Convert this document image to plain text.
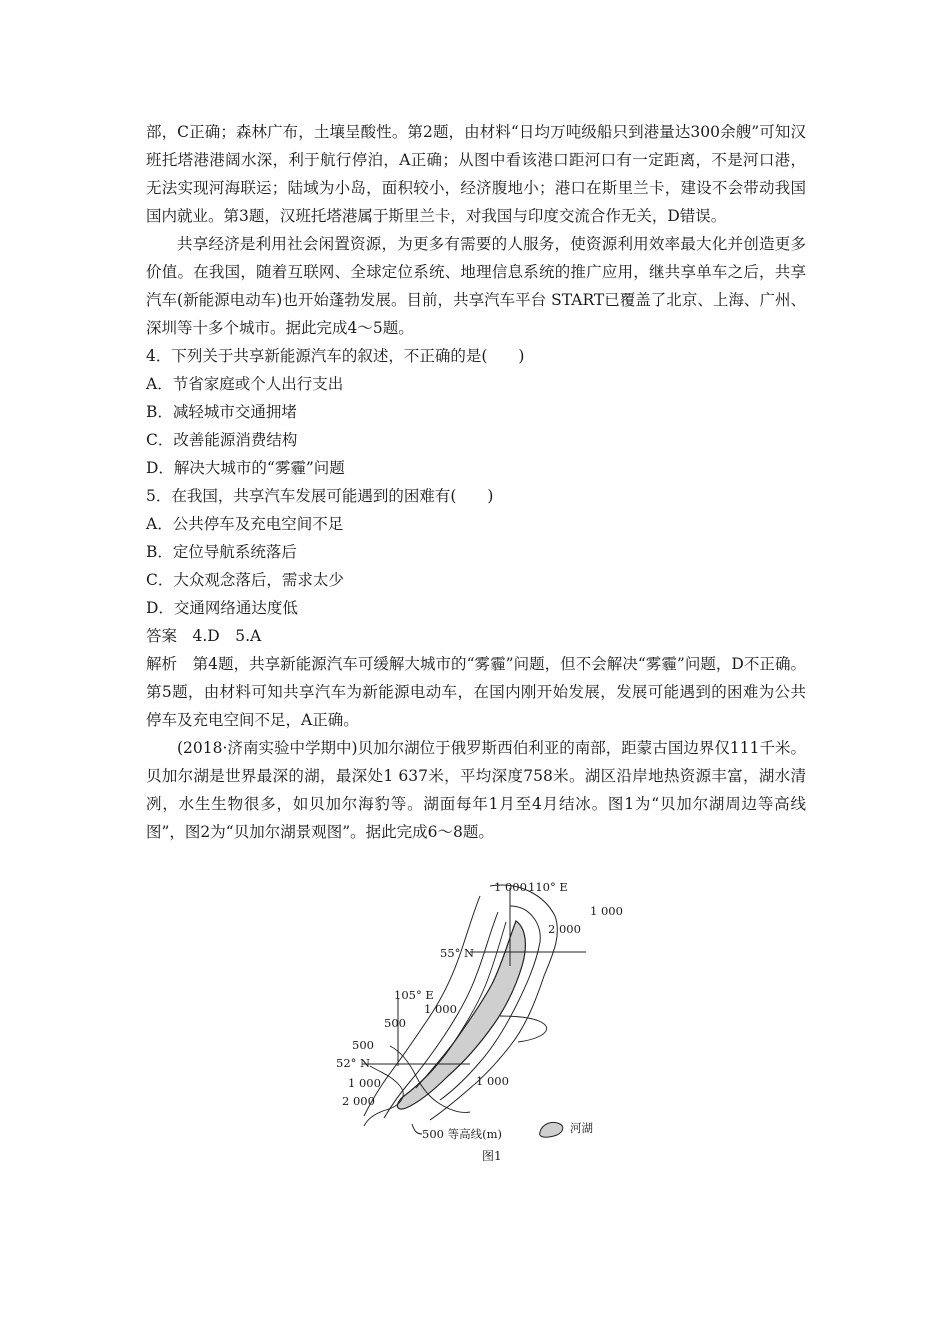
部，C正确；森林广布，土壤呈酸性。第2题，由材料“日均万吨级船只到港量达300余艘”可知汉班托塔港港阔水深，利于航行停泊，A正确；从图中看该港口距河口有一定距离，不是河口港，无法实现河海联运；陆域为小岛，面积较小，经济腹地小；港口在斯里兰卡，建设不会带动我国国内就业。第3题，汉班托塔港属于斯里兰卡，对我国与印度交流合作无关，D错误。

共享经济是利用社会闲置资源，为更多有需要的人服务，使资源利用效率最大化并创造更多价值。在我国，随着互联网、全球定位系统、地理信息系统的推广应用，继共享单车之后，共享汽车(新能源电动车)也开始蓬勃发展。目前，共享汽车平台 START已覆盖了北京、上海、广州、深圳等十多个城市。据此完成4～5题。

4．下列关于共享新能源汽车的叙述，不正确的是(　　)
A．节省家庭或个人出行支出
B．减轻城市交通拥堵
C．改善能源消费结构
D．解决大城市的“雾霾”问题
5．在我国，共享汽车发展可能遇到的困难有(　　)
A．公共停车及充电空间不足
B．定位导航系统落后
C．大众观念落后，需求太少
D．交通网络通达度低
答案　4.D　5.A

解析　第4题，共享新能源汽车可缓解大城市的“雾霾”问题，但不会解决“雾霾”问题，D不正确。第5题，由材料可知共享汽车为新能源电动车，在国内刚开始发展，发展可能遇到的困难为公共停车及充电空间不足，A正确。

(2018·济南实验中学期中)贝加尔湖位于俄罗斯西伯利亚的南部，距蒙古国边界仅111千米。贝加尔湖是世界最深的湖，最深处1 637米，平均深度758米。湖区沿岸地热资源丰富，湖水清冽，水生生物很多，如贝加尔海豹等。湖面每年1月至4月结冰。图1为“贝加尔湖周边等高线图”，图2为“贝加尔湖景观图”。据此完成6～8题。

1 000 110° E
1 000
2 000
55° N
105° E
1 000
500
500
52° N
1 000	1 000
2 000
500 等高线(m)	河湖
图1
